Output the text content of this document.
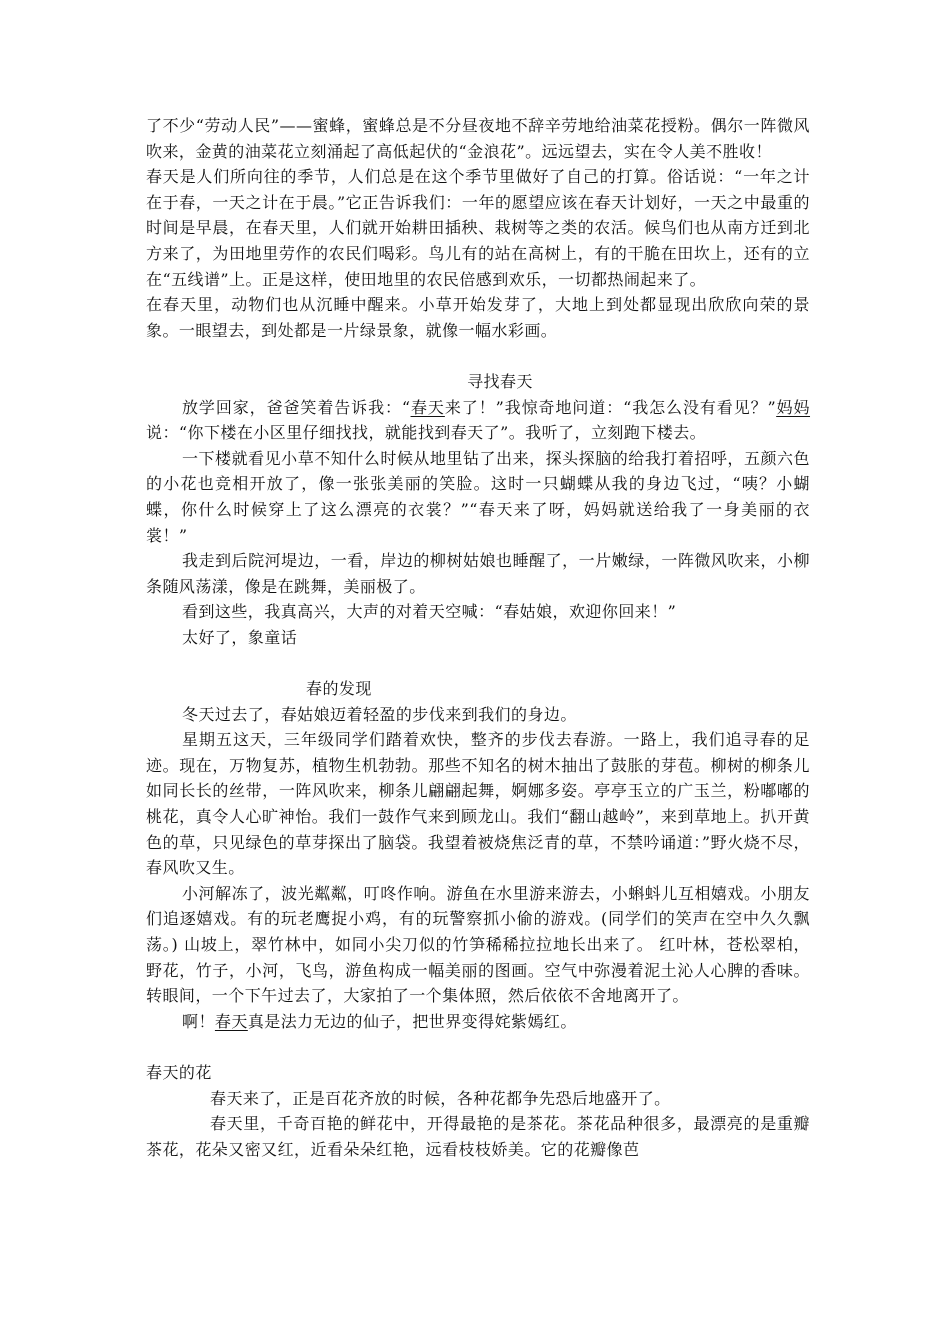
了不少“劳动人民”——蜜蜂，蜜蜂总是不分昼夜地不辞辛劳地给油菜花授粉。偶尔一阵微风吹来，金黄的油菜花立刻涌起了高低起伏的“金浪花”。远远望去，实在令人美不胜收！

春天是人们所向往的季节，人们总是在这个季节里做好了自己的打算。俗话说：“一年之计在于春，一天之计在于晨。”它正告诉我们：一年的愿望应该在春天计划好，一天之中最重的时间是早晨，在春天里，人们就开始耕田插秧、栽树等之类的农活。候鸟们也从南方迁到北方来了，为田地里劳作的农民们喝彩。鸟儿有的站在高树上，有的干脆在田坎上，还有的立在“五线谱”上。正是这样，使田地里的农民倍感到欢乐，一切都热闹起来了。

在春天里，动物们也从沉睡中醒来。小草开始发芽了，大地上到处都显现出欣欣向荣的景象。一眼望去，到处都是一片绿景象，就像一幅水彩画。

寻找春天

放学回家，爸爸笑着告诉我：“春天来了！”我惊奇地问道：“我怎么没有看见？”妈妈说：“你下楼在小区里仔细找找，就能找到春天了”。我听了，立刻跑下楼去。

一下楼就看见小草不知什么时候从地里钻了出来，探头探脑的给我打着招呼，五颜六色的小花也竞相开放了，像一张张美丽的笑脸。这时一只蝴蝶从我的身边飞过，“咦？小蝴蝶，你什么时候穿上了这么漂亮的衣裳？”“春天来了呀，妈妈就送给我了一身美丽的衣裳！”

我走到后院河堤边，一看，岸边的柳树姑娘也睡醒了，一片嫩绿，一阵微风吹来，小柳条随风荡漾，像是在跳舞，美丽极了。

看到这些，我真高兴，大声的对着天空喊：“春姑娘，欢迎你回来！”

太好了，象童话

春的发现

冬天过去了，春姑娘迈着轻盈的步伐来到我们的身边。

星期五这天，三年级同学们踏着欢快，整齐的步伐去春游。一路上，我们追寻春的足迹。现在，万物复苏，植物生机勃勃。那些不知名的树木抽出了鼓胀的芽苞。柳树的柳条儿如同长长的丝带，一阵风吹来，柳条儿翩翩起舞，婀娜多姿。亭亭玉立的广玉兰，粉嘟嘟的桃花，真令人心旷神怡。我们一鼓作气来到顾龙山。我们“翻山越岭”，来到草地上。扒开黄色的草，只见绿色的草芽探出了脑袋。我望着被烧焦泛青的草，不禁吟诵道：”野火烧不尽，春风吹又生。

小河解冻了，波光粼粼，叮咚作响。游鱼在水里游来游去，小蝌蚪儿互相嬉戏。小朋友们追逐嬉戏。有的玩老鹰捉小鸡，有的玩警察抓小偷的游戏。(同学们的笑声在空中久久飘荡。) 山坡上，翠竹林中，如同小尖刀似的竹笋稀稀拉拉地长出来了。 红叶林，苍松翠柏，野花，竹子，小河，飞鸟，游鱼构成一幅美丽的图画。空气中弥漫着泥土沁人心脾的香味。转眼间，一个下午过去了，大家拍了一个集体照，然后依依不舍地离开了。

啊！春天真是法力无边的仙子，把世界变得姹紫嫣红。

春天的花

春天来了，正是百花齐放的时候，各种花都争先恐后地盛开了。

春天里，千奇百艳的鲜花中，开得最艳的是茶花。茶花品种很多，最漂亮的是重瓣茶花，花朵又密又红，近看朵朵红艳，远看枝枝娇美。它的花瓣像芭
